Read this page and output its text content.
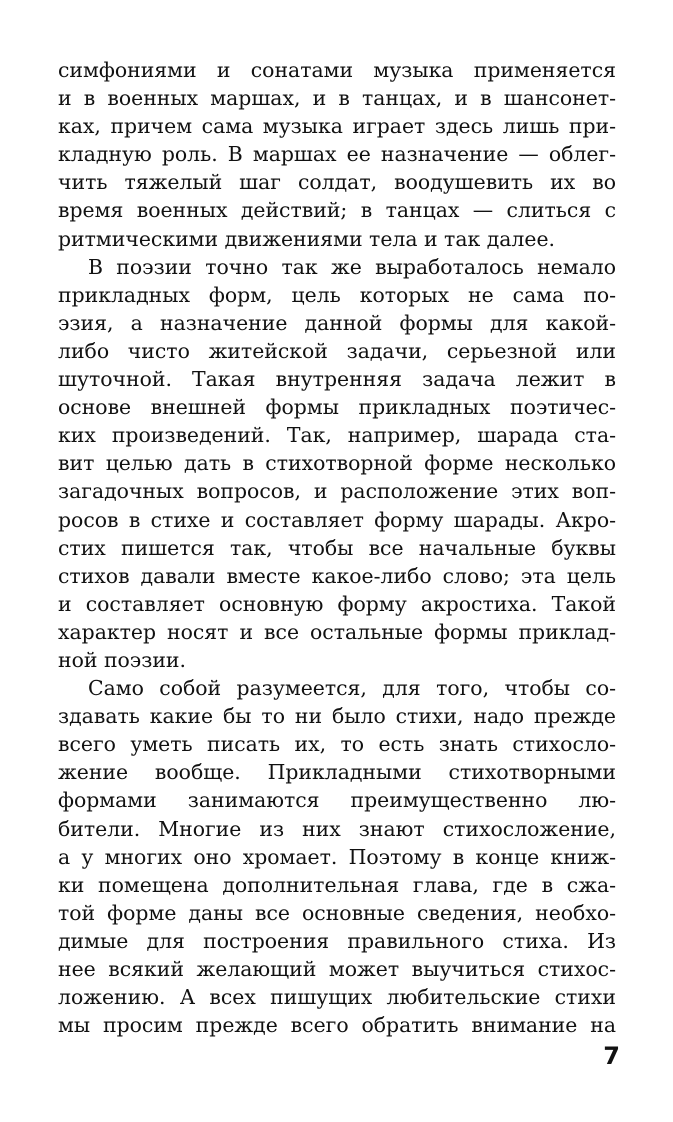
симфониями и сонатами музыка применяется
и в военных маршах, и в танцах, и в шансонет-
ках, причем сама музыка играет здесь лишь при-
кладную роль. В маршах ее назначение — облег-
чить тяжелый шаг солдат, воодушевить их во
время военных действий; в танцах — слиться с
ритмическими движениями тела и так далее.
В поэзии точно так же выработалось немало
прикладных форм, цель которых не сама по-
эзия, а назначение данной формы для какой-
либо чисто житейской задачи, серьезной или
шуточной. Такая внутренняя задача лежит в
основе внешней формы прикладных поэтичес-
ких произведений. Так, например, шарада ста-
вит целью дать в стихотворной форме несколько
загадочных вопросов, и расположение этих воп-
росов в стихе и составляет форму шарады. Акро-
стих пишется так, чтобы все начальные буквы
стихов давали вместе какое-либо слово; эта цель
и составляет основную форму акростиха. Такой
характер носят и все остальные формы приклад-
ной поэзии.
Само собой разумеется, для того, чтобы со-
здавать какие бы то ни было стихи, надо прежде
всего уметь писать их, то есть знать стихосло-
жение вообще. Прикладными стихотворными
формами занимаются преимущественно лю-
бители. Многие из них знают стихосложение,
а у многих оно хромает. Поэтому в конце книж-
ки помещена дополнительная глава, где в сжа-
той форме даны все основные сведения, необхо-
димые для построения правильного стиха. Из
нее всякий желающий может выучиться стихос-
ложению. А всех пишущих любительские стихи
мы просим прежде всего обратить внимание на
7
